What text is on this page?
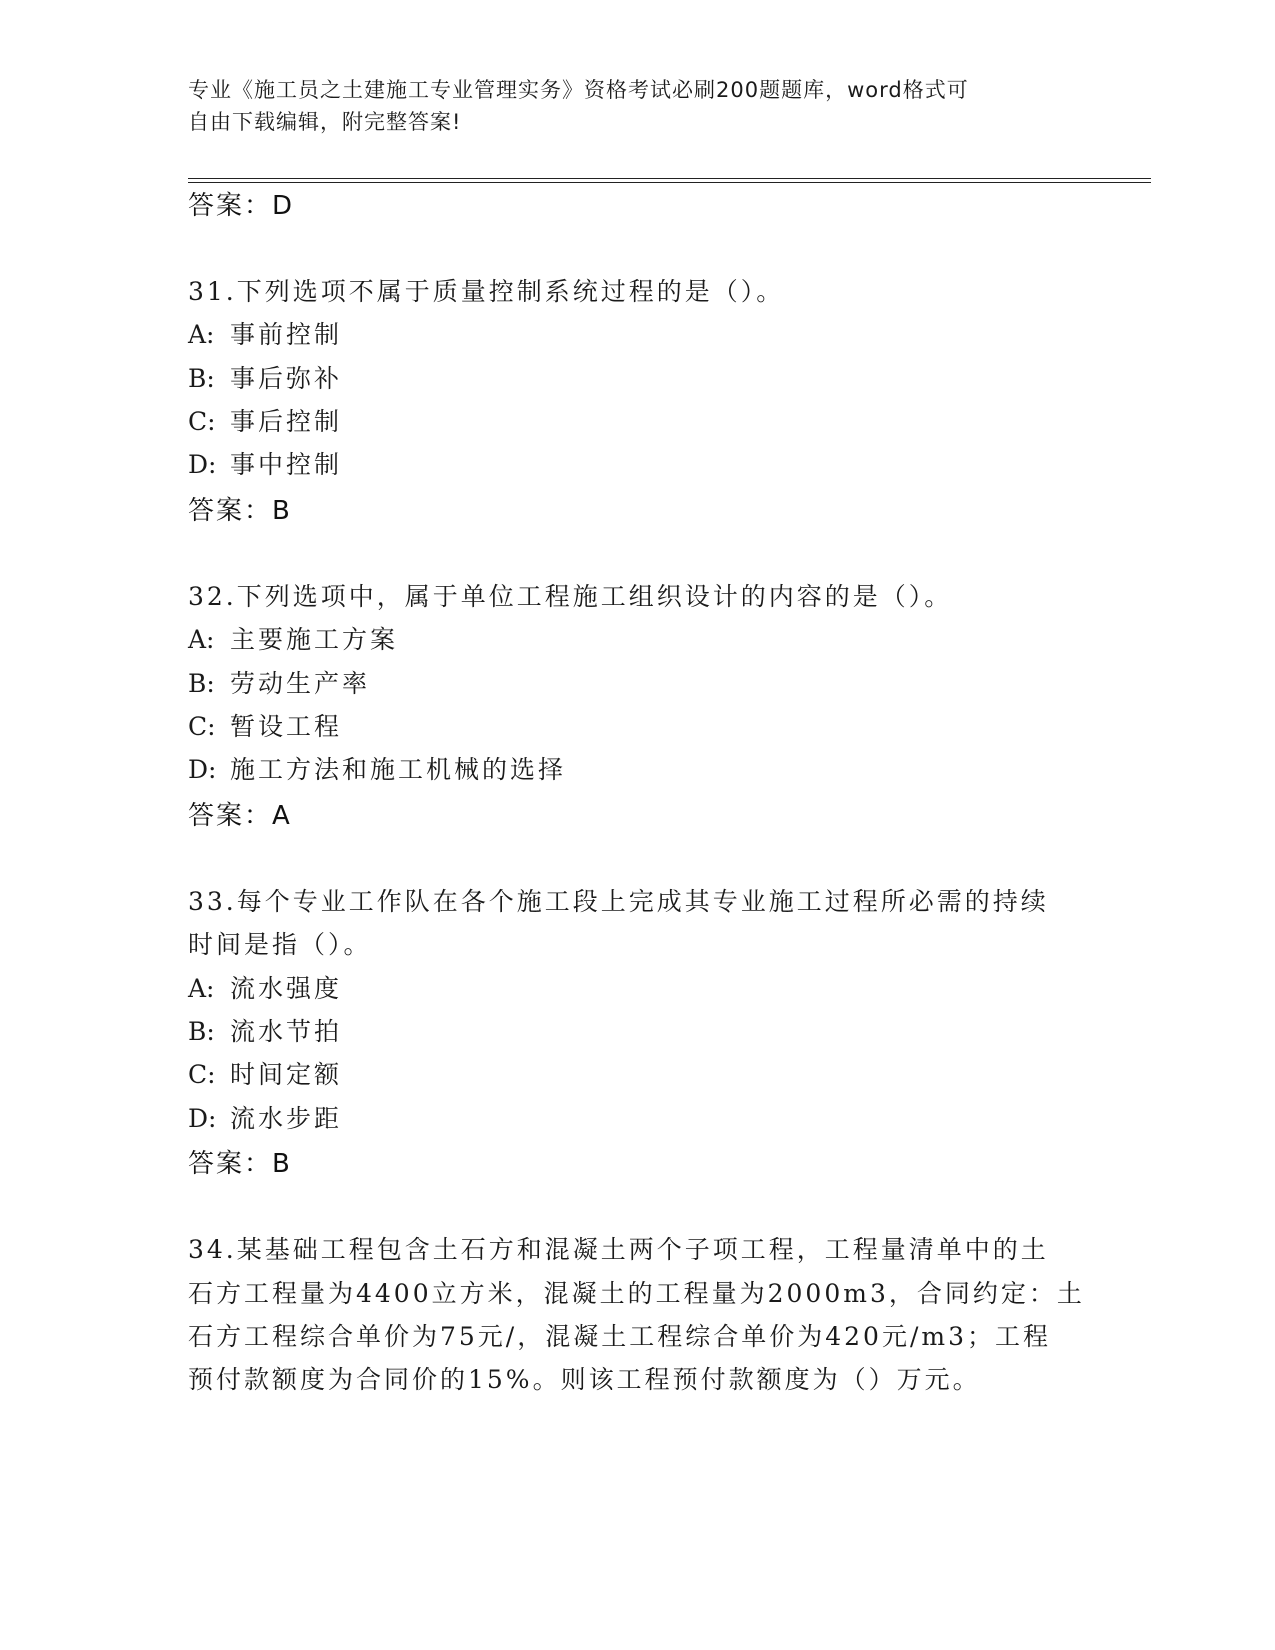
专业《施工员之土建施工专业管理实务》资格考试必刷200题题库，word格式可
自由下载编辑，附完整答案!
答案：D
31.下列选项不属于质量控制系统过程的是（）。
A: 事前控制
B: 事后弥补
C: 事后控制
D: 事中控制
答案：B
32.下列选项中，属于单位工程施工组织设计的内容的是（）。
A: 主要施工方案
B: 劳动生产率
C: 暂设工程
D: 施工方法和施工机械的选择
答案：A
33.每个专业工作队在各个施工段上完成其专业施工过程所必需的持续
时间是指（）。
A: 流水强度
B: 流水节拍
C: 时间定额
D: 流水步距
答案：B
34.某基础工程包含土石方和混凝土两个子项工程，工程量清单中的土
石方工程量为4400立方米，混凝土的工程量为2000m3，合同约定：土
石方工程综合单价为75元/，混凝土工程综合单价为420元/m3；工程
预付款额度为合同价的15%。则该工程预付款额度为（）万元。
